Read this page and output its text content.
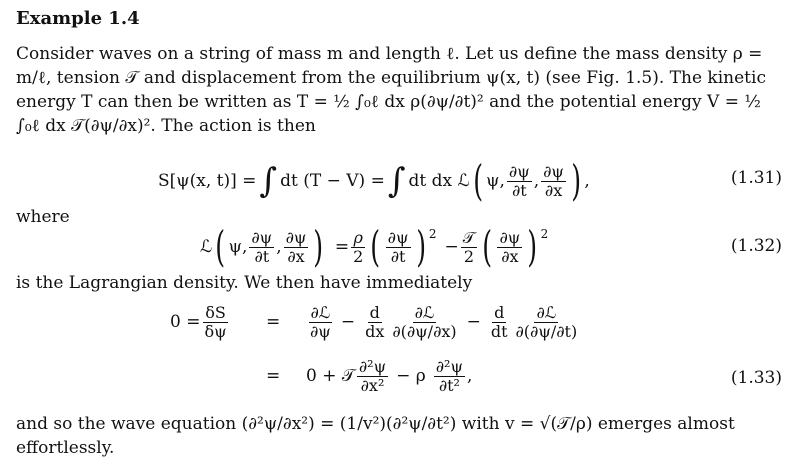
Example 1.4
Consider waves on a string of mass m and length ℓ. Let us define the mass density ρ = m/ℓ, tension 𝒯 and displacement from the equilibrium ψ(x, t) (see Fig. 1.5). The kinetic energy T can then be written as T = ½ ∫₀ℓ dx ρ(∂ψ/∂t)² and the potential energy V = ½ ∫₀ℓ dx 𝒯(∂ψ/∂x)². The action is then
S[ψ(x, t)] = ∫ dt (T − V) = ∫ dt dx ℒ ( ψ, $\frac{\partial\psi}{\partial t}$ , $\frac{\partial\psi}{\partial x}$ ) ,	(1.31)
where
ℒ ( ψ, $\frac{\partial\psi}{\partial t}$ , $\frac{\partial\psi}{\partial x}$ ) = $\frac{\rho}{2}$ ( $\frac{\partial\psi}{\partial t}$ ) 2
− $\frac{\text{𝒯}}{2}$ ( $\frac{\partial\psi}{\partial x}$ ) 2
(1.32)
is the Lagrangian density. We then have immediately
$0 = \frac{\delta S}{\delta\psi} = \frac{\text{∂ℒ}}{\partial\psi} - \frac{d}{dx} \frac{\text{∂ℒ}}{\partial(\partial\psi/\partial x)} - \frac{d}{dt} \frac{\text{∂ℒ}}{\partial(\partial\psi/\partial t)}$
= 0 + 𝒯 $\frac{\text{∂²ψ}}{\text{∂x²}} - \rho \frac{\text{∂²ψ}}{\text{∂t²}}$ ,	(1.33)
and so the wave equation (∂²ψ/∂x²) = (1/v²)(∂²ψ/∂t²) with v = √(𝒯/ρ) emerges almost effortlessly.
